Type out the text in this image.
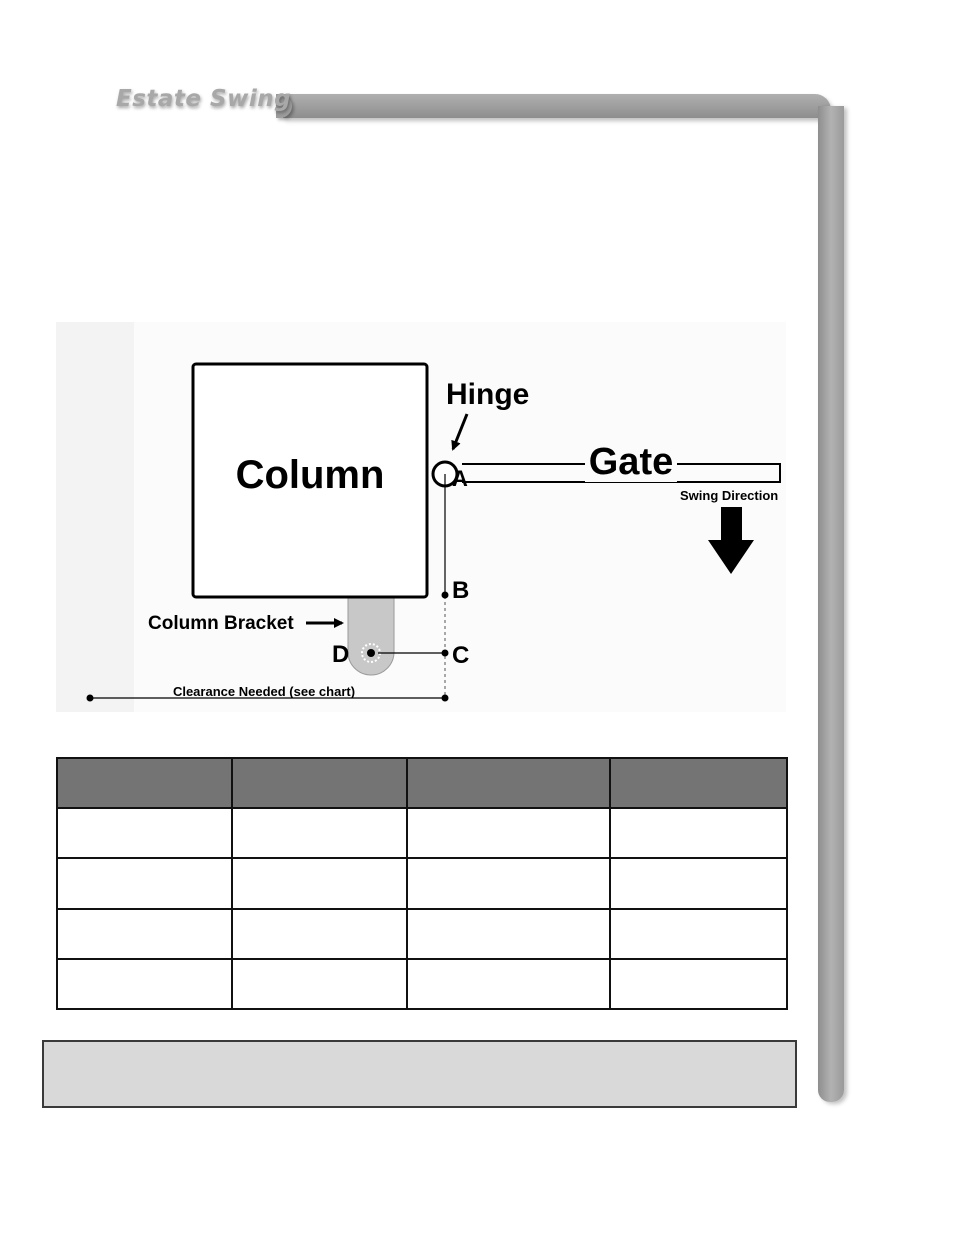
Estate Swing
Column	Gate
Hinge
A
B
C
D
Column Bracket
Swing Direction
Clearance Needed (see chart)
